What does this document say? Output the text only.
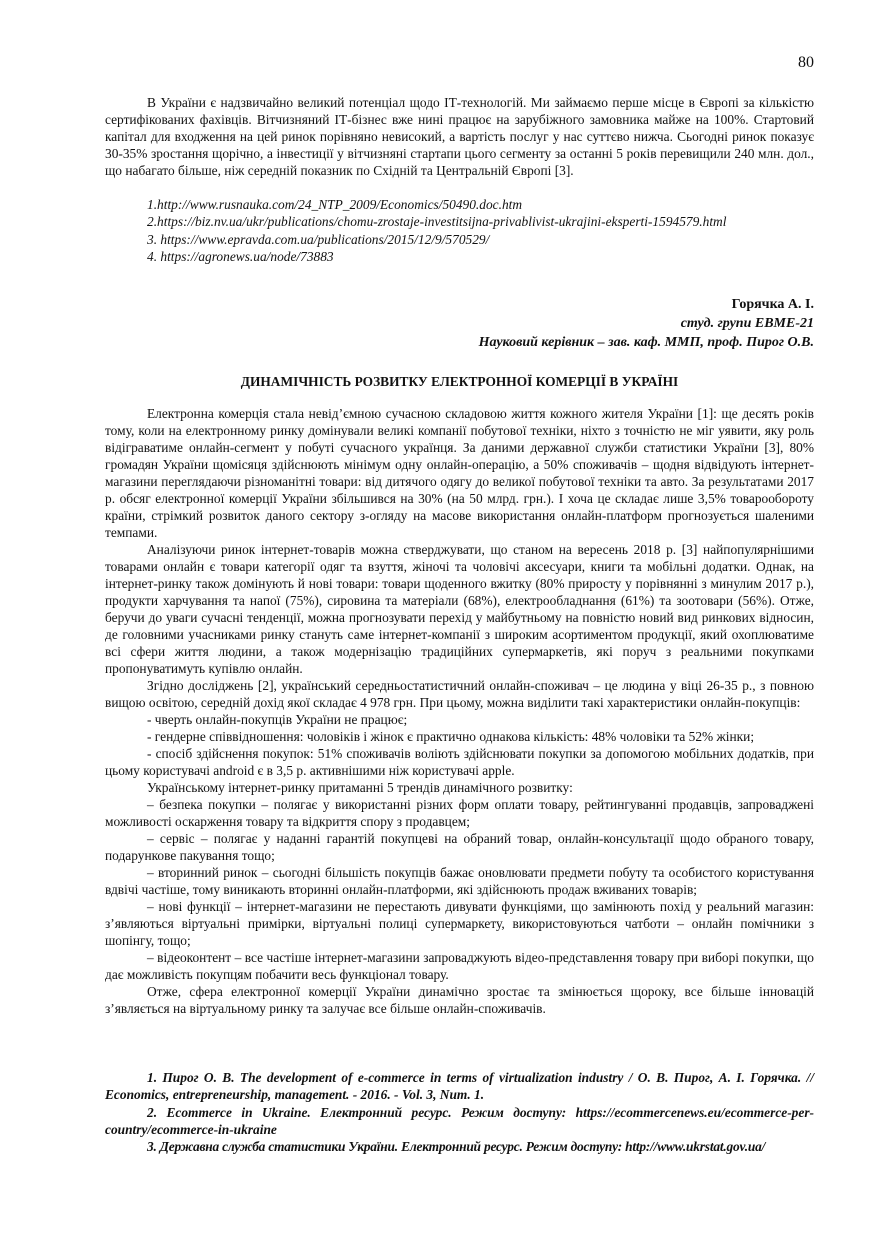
80

В України є надзвичайно великий потенціал щодо ІТ-технологій. Ми займаємо перше місце в Європі за кількістю сертифікованих фахівців. Вітчизняний ІТ-бізнес вже нині працює на зарубіжного замовника майже на 100%. Стартовий капітал для входження на цей ринок порівняно невисокий, а вартість послуг у нас суттєво нижча. Сьогодні ринок показує 30-35% зростання щорічно, а інвестиції у вітчизняні стартапи цього сегменту за останні 5 років перевищили 240 млн. дол., що набагато більше, ніж середній показник по Східній та Центральній Європі [3].

1.http://www.rusnauka.com/24_NTP_2009/Economics/50490.doc.htm
2.https://biz.nv.ua/ukr/publications/chomu-zrostaje-investitsijna-privablivist-ukrajini-eksperti-1594579.html
3. https://www.epravda.com.ua/publications/2015/12/9/570529/
4. https://agronews.ua/node/73883
Горячка А. І.
студ. групи ЕВМЕ-21
Науковий керівник – зав. каф. ММП, проф. Пирог О.В.
ДИНАМІЧНІСТЬ РОЗВИТКУ ЕЛЕКТРОННОЇ КОМЕРЦІЇ В УКРАЇНІ

Електронна комерція стала невід’ємною сучасною складовою життя кожного жителя України [1]: ще десять років тому, коли на електронному ринку домінували великі компанії побутової техніки, ніхто з точністю не міг уявити, яку роль відіграватиме онлайн-сегмент у побуті сучасного українця. За даними державної служби статистики України [3], 80% громадян України щомісяця здійснюють мінімум одну онлайн-операцію, а 50% споживачів – щодня відвідують інтернет-магазини переглядаючи різноманітні товари: від дитячого одягу до великої побутової техніки та авто. За результатами 2017 р. обсяг електронної комерції України збільшився на 30% (на 50 млрд. грн.). І хоча це складає лише 3,5% товарообороту країни, стрімкий розвиток даного сектору з-огляду на масове використання онлайн-платформ прогнозується шаленими темпами.

Аналізуючи ринок інтернет-товарів можна стверджувати, що станом на вересень 2018 р. [3] найпопулярнішими товарами онлайн є товари категорії одяг та взуття, жіночі та чоловічі аксесуари, книги та мобільні додатки. Однак, на інтернет-ринку також домінують й нові товари: товари щоденного вжитку (80% приросту у порівнянні з минулим 2017 р.), продукти харчування та напої (75%), сировина та матеріали (68%), електрообладнання (61%) та зоотовари (56%). Отже, беручи до уваги сучасні тенденції, можна прогнозувати перехід у майбутньому на повністю новий вид ринкових відносин, де головними учасниками ринку стануть саме інтернет-компанії з широким асортиментом продукції, який охоплюватиме всі сфери життя людини, а також модернізацію традиційних супермаркетів, які поруч з реальними покупками пропонуватимуть купівлю онлайн.

Згідно досліджень [2], український середньостатистичний онлайн-споживач – це людина у віці 26-35 р., з повною вищою освітою, середній дохід якої складає 4 978 грн. При цьому, можна виділити такі характеристики онлайн-покупців:

- чверть онлайн-покупців України не працює;

- гендерне співвідношення: чоловіків і жінок є практично однакова кількість: 48% чоловіки та 52% жінки;

- спосіб здійснення покупок: 51% споживачів воліють здійснювати покупки за допомогою мобільних додатків, при цьому користувачі android є в 3,5 р. активнішими ніж користувачі apple.

Українському інтернет-ринку притаманні 5 трендів динамічного розвитку:

– безпека покупки – полягає у використанні різних форм оплати товару, рейтингуванні продавців, запроваджені можливості оскарження товару та відкриття спору з продавцем;

– сервіс – полягає у наданні гарантій покупцеві на обраний товар, онлайн-консультації щодо обраного товару, подарункове пакування тощо;

– вторинний ринок – сьогодні більшість покупців бажає оновлювати предмети побуту та особистого користування вдвічі частіше, тому виникають вторинні онлайн-платформи, які здійснюють продаж вживаних товарів;

– нові функції – інтернет-магазини не перестають дивувати функціями, що замінюють похід у реальний магазин: з’являються віртуальні примірки, віртуальні полиці супермаркету, використовуються чатботи – онлайн помічники з шопінгу, тощо;

– відеоконтент – все частіше інтернет-магазини запроваджують відео-представлення товару при виборі покупки, що дає можливість покупцям побачити весь функціонал товару.

Отже, сфера електронної комерції України динамічно зростає та змінюється щороку, все більше інновацій з’являється на віртуальному ринку та залучає все більше онлайн-споживачів.

1. Пирог О. В. The development of e-commerce in terms of virtualization industry / О. В. Пирог, А. І. Горячка. // Economics, entrepreneurship, management. - 2016. - Vol. 3, Num. 1.

2. Ecommerce in Ukraine. Електронний ресурс. Режим доступу: https://ecommercenews.eu/ecommerce-per-country/ecommerce-in-ukraine

3. Державна служба статистики України. Електронний ресурс. Режим доступу: http://www.ukrstat.gov.ua/
